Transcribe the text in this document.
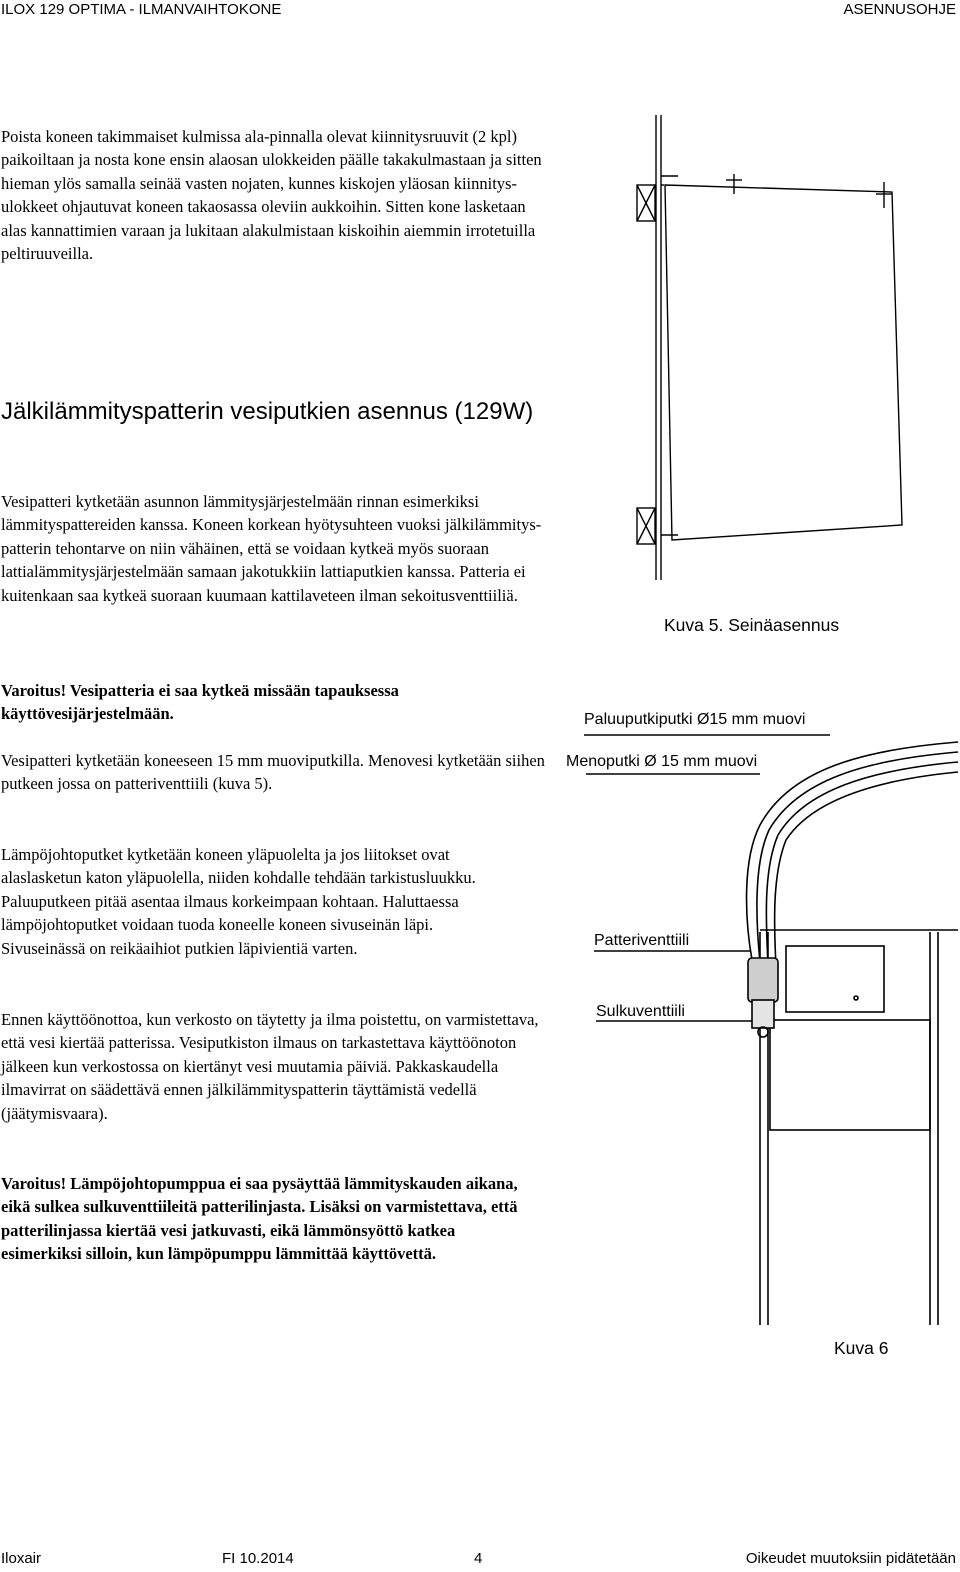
ILOX 129 OPTIMA - ILMANVAIHTOKONE	ASENNUSOHJE

Poista koneen takimmaiset kulmissa ala-pinnalla olevat kiinnitysruuvit (2 kpl) paikoiltaan ja nosta kone ensin alaosan ulokkeiden päälle takakulmastaan ja sitten hieman ylös samalla seinää vasten nojaten, kunnes kiskojen yläosan kiinnitys-ulokkeet ohjautuvat koneen takaosassa oleviin aukkoihin. Sitten kone lasketaan alas kannattimien varaan ja lukitaan alakulmistaan kiskoihin aiemmin irrotetuilla peltiruuveilla.

Jälkilämmityspatterin vesiputkien asennus (129W)

Vesipatteri kytketään asunnon lämmitysjärjestelmään rinnan esimerkiksi lämmityspattereiden kanssa. Koneen korkean hyötysuhteen vuoksi jälkilämmitys-patterin tehontarve on niin vähäinen, että se voidaan kytkeä myös suoraan lattialämmitysjärjestelmään samaan jakotukkiin lattiaputkien kanssa. Patteria ei kuitenkaan saa kytkeä suoraan kuumaan kattilaveteen ilman sekoitusventtiiliä.

Varoitus! Vesipatteria ei saa kytkeä missään tapauksessa käyttövesijärjestelmään.

Vesipatteri kytketään koneeseen 15 mm muoviputkilla. Menovesi kytketään siihen putkeen jossa on patteriventtiili (kuva 5).

Lämpöjohtoputket kytketään koneen yläpuolelta ja jos liitokset ovat alaslasketun katon yläpuolella, niiden kohdalle tehdään tarkistusluukku. Paluuputkeen pitää asentaa ilmaus korkeimpaan kohtaan. Haluttaessa lämpöjohtoputket voidaan tuoda koneelle koneen sivuseinän läpi. Sivuseinässä on reikäaihiot putkien läpivientiä varten.

Ennen käyttöönottoa, kun verkosto on täytetty ja ilma poistettu, on varmistettava, että vesi kiertää patterissa. Vesiputkiston ilmaus on tarkastettava käyttöönoton jälkeen kun verkostossa on kiertänyt vesi muutamia päiviä. Pakkaskaudella ilmavirrat on säädettävä ennen jälkilämmityspatterin täyttämistä vedellä (jäätymisvaara).

Varoitus! Lämpöjohtopumppua ei saa pysäyttää lämmityskauden aikana, eikä sulkea sulkuventtiileitä patterilinjasta. Lisäksi on varmistettava, että patterilinjassa kiertää vesi jatkuvasti, eikä lämmönsyöttö katkea esimerkiksi silloin, kun lämpöpumppu lämmittää käyttövettä.

Kuva 5. Seinäasennus
Paluuputkiputki Ø15 mm muovi
Menoputki Ø 15 mm muovi
Patteriventtiili
Sulkuventtiili
Kuva 6
Iloxair	FI 10.2014	4	Oikeudet muutoksiin pidätetään
